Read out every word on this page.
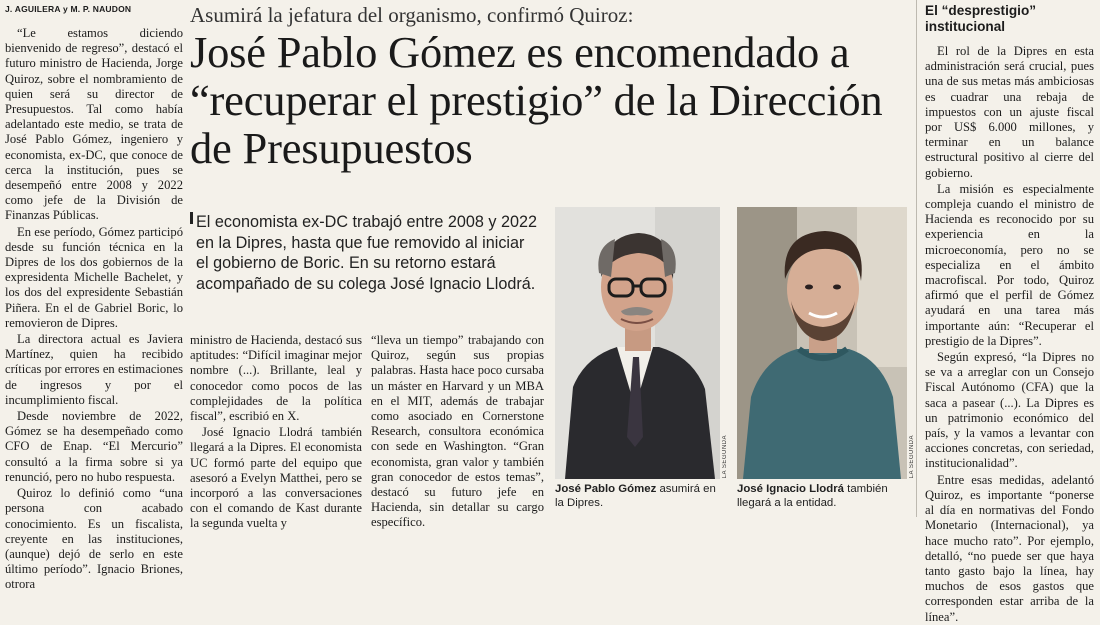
J. AGUILERA y M. P. NAUDON

“Le estamos diciendo bienvenido de regreso”, destacó el futuro ministro de Hacienda, Jorge Quiroz, sobre el nombramiento de quien será su director de Presupuestos. Tal como había adelantado este medio, se trata de José Pablo Gómez, ingeniero y economista, ex-DC, que conoce de cerca la institución, pues se desempeñó entre 2008 y 2022 como jefe de la División de Finanzas Públicas.

En ese período, Gómez participó desde su función técnica en la Dipres de los dos gobiernos de la expresidenta Michelle Bachelet, y los dos del expresidente Sebastián Piñera. En el de Gabriel Boric, lo removieron de Dipres.

La directora actual es Javiera Martínez, quien ha recibido críticas por errores en estimaciones de ingresos y por el incumplimiento fiscal.

Desde noviembre de 2022, Gómez se ha desempeñado como CFO de Enap. “El Mercurio” consultó a la firma sobre si ya renunció, pero no hubo respuesta.

Quiroz lo definió como “una persona con acabado conocimiento. Es un fiscalista, creyente en las instituciones, (aunque) dejó de serlo en este último período”. Ignacio Briones, otrora

Asumirá la jefatura del organismo, confirmó Quiroz:
José Pablo Gómez es encomendado a “recuperar el prestigio” de la Dirección de Presupuestos
El economista ex-DC trabajó entre 2008 y 2022 en la Dipres, hasta que fue removido al iniciar el gobierno de Boric. En su retorno estará acompañado de su colega José Ignacio Llodrá.

ministro de Hacienda, destacó sus aptitudes: “Difícil imaginar mejor nombre (...). Brillante, leal y conocedor como pocos de las complejidades de la política fiscal”, escribió en X.

José Ignacio Llodrá también llegará a la Dipres. El economista UC formó parte del equipo que asesoró a Evelyn Matthei, pero se incorporó a las conversaciones con el comando de Kast durante la segunda vuelta y

“lleva un tiempo” trabajando con Quiroz, según sus propias palabras. Hasta hace poco cursaba un máster en Harvard y un MBA en el MIT, además de trabajar como asociado en Cornerstone Research, consultora económica con sede en Washington. “Gran economista, gran valor y también gran conocedor de estos temas”, destacó su futuro jefe en Hacienda, sin detallar su cargo específico.

LA SEGUNDA	LA SEGUNDA
José Pablo Gómez asumirá en la Dipres.
José Ignacio Llodrá también llegará a la entidad.
El “desprestigio” institucional

El rol de la Dipres en esta administración será crucial, pues una de sus metas más ambiciosas es cuadrar una rebaja de impuestos con un ajuste fiscal por US$ 6.000 millones, y terminar en un balance estructural positivo al cierre del gobierno.

La misión es especialmente compleja cuando el ministro de Hacienda es reconocido por su experiencia en la microeconomía, pero no se especializa en el ámbito macrofiscal. Por todo, Quiroz afirmó que el perfil de Gómez ayudará en una tarea más importante aún: “Recuperar el prestigio de la Dipres”.

Según expresó, “la Dipres no se va a arreglar con un Consejo Fiscal Autónomo (CFA) que la saca a pasear (...). La Dipres es un patrimonio económico del país, y la vamos a levantar con acciones concretas, con seriedad, institucionalidad”.

Entre esas medidas, adelantó Quiroz, es importante “ponerse al día en normativas del Fondo Monetario (Internacional), ya hace mucho rato”. Por ejemplo, detalló, “no puede ser que haya tanto gasto bajo la línea, hay muchos de esos gastos que corresponden estar arriba de la línea”.
